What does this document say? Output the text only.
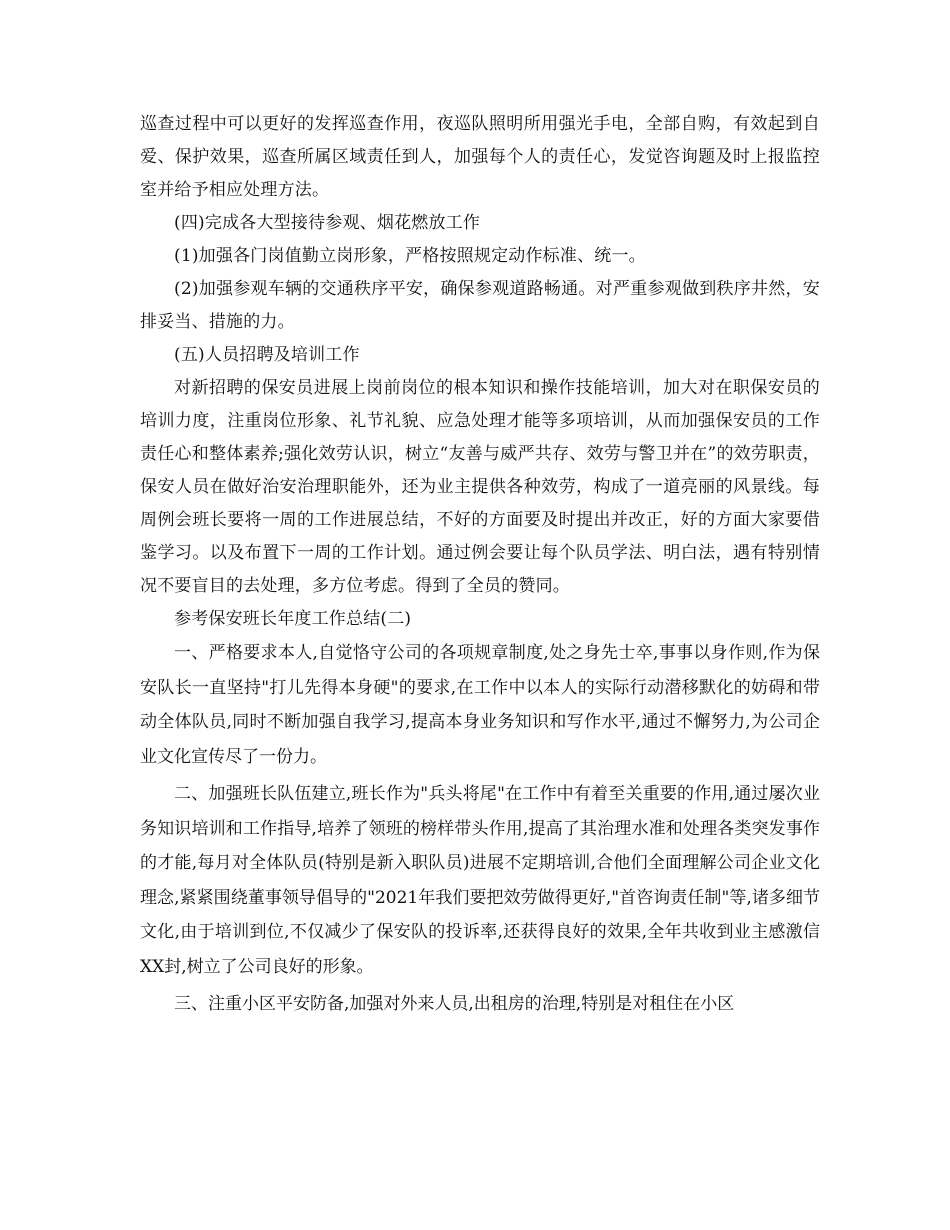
巡查过程中可以更好的发挥巡查作用，夜巡队照明所用强光手电，全部自购，有效起到自爱、保护效果，巡查所属区域责任到人，加强每个人的责任心，发觉咨询题及时上报监控室并给予相应处理方法。

(四)完成各大型接待参观、烟花燃放工作

(1)加强各门岗值勤立岗形象，严格按照规定动作标准、统一。

(2)加强参观车辆的交通秩序平安，确保参观道路畅通。对严重参观做到秩序井然，安排妥当、措施的力。

(五)人员招聘及培训工作

对新招聘的保安员进展上岗前岗位的根本知识和操作技能培训，加大对在职保安员的培训力度，注重岗位形象、礼节礼貌、应急处理才能等多项培训，从而加强保安员的工作责任心和整体素养;强化效劳认识，树立“友善与威严共存、效劳与警卫并在”的效劳职责，保安人员在做好治安治理职能外，还为业主提供各种效劳，构成了一道亮丽的风景线。每周例会班长要将一周的工作进展总结，不好的方面要及时提出并改正，好的方面大家要借鉴学习。以及布置下一周的工作计划。通过例会要让每个队员学法、明白法，遇有特别情况不要盲目的去处理，多方位考虑。得到了全员的赞同。

参考保安班长年度工作总结(二)

一、严格要求本人,自觉恪守公司的各项规章制度,处之身先士卒,事事以身作则,作为保安队长一直坚持"打儿先得本身硬"的要求,在工作中以本人的实际行动潜移默化的妨碍和带动全体队员,同时不断加强自我学习,提高本身业务知识和写作水平,通过不懈努力,为公司企业文化宣传尽了一份力。

二、加强班长队伍建立,班长作为"兵头将尾"在工作中有着至关重要的作用,通过屡次业务知识培训和工作指导,培养了领班的榜样带头作用,提高了其治理水准和处理各类突发事作的才能,每月对全体队员(特别是新入职队员)进展不定期培训,合他们全面理解公司企业文化理念,紧紧围绕董事领导倡导的"2021年我们要把效劳做得更好,"首咨询责任制"等,诸多细节文化,由于培训到位,不仅减少了保安队的投诉率,还获得良好的效果,全年共收到业主感激信XX封,树立了公司良好的形象。

三、注重小区平安防备,加强对外来人员,出租房的治理,特别是对租住在小区
